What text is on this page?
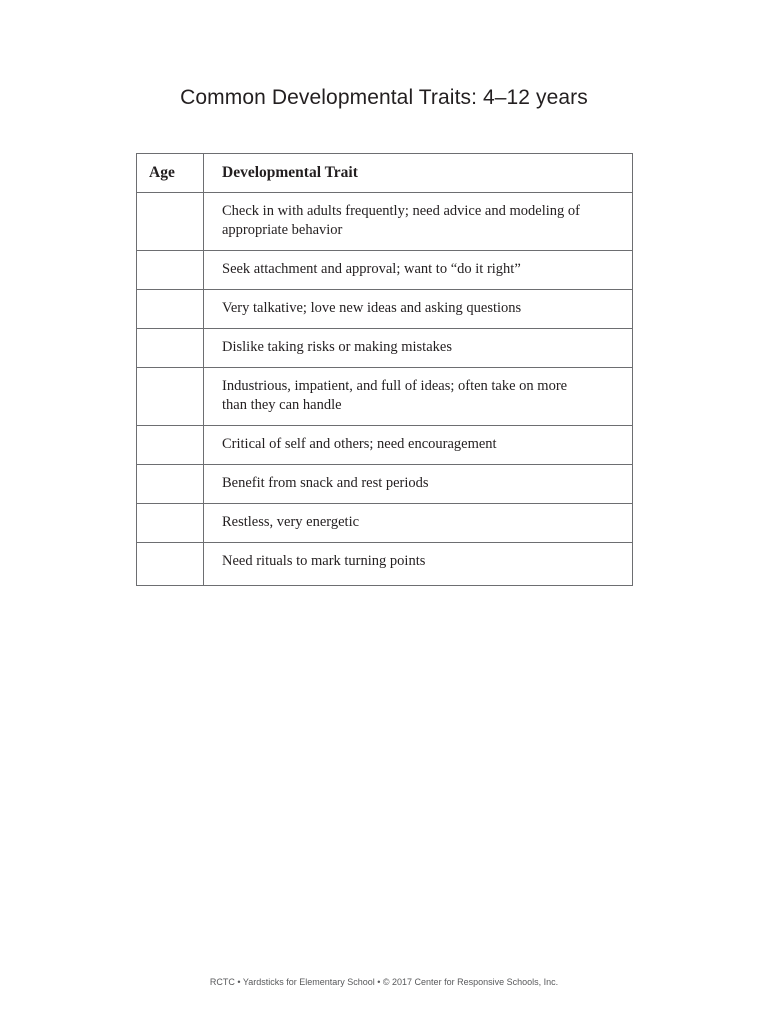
Common Developmental Traits: 4–12 years
Age	Developmental Trait
	Check in with adults frequently; need advice and modeling of appropriate behavior
	Seek attachment and approval; want to “do it right”
	Very talkative; love new ideas and asking questions
	Dislike taking risks or making mistakes
	Industrious, impatient, and full of ideas; often take on more than they can handle
	Critical of self and others; need encouragement
	Benefit from snack and rest periods
	Restless, very energetic
	Need rituals to mark turning points
RCTC • Yardsticks for Elementary School • © 2017 Center for Responsive Schools, Inc.
